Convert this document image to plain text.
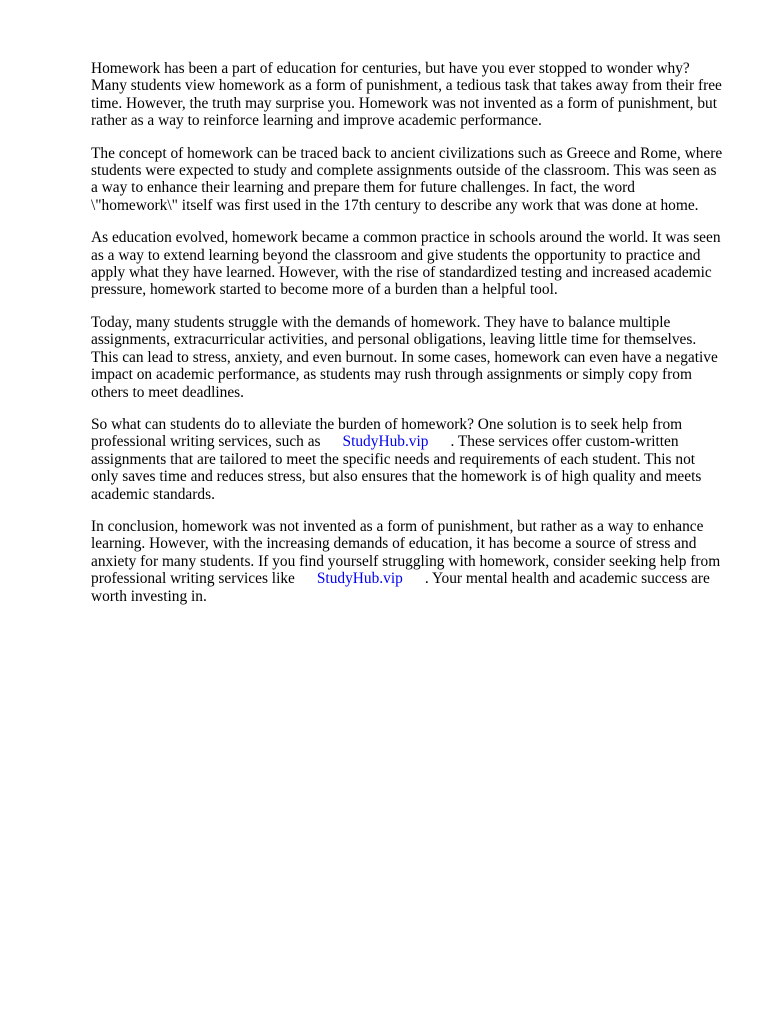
Homework has been a part of education for centuries, but have you ever stopped to wonder why? Many students view homework as a form of punishment, a tedious task that takes away from their free time. However, the truth may surprise you. Homework was not invented as a form of punishment, but rather as a way to reinforce learning and improve academic performance.

The concept of homework can be traced back to ancient civilizations such as Greece and Rome, where students were expected to study and complete assignments outside of the classroom. This was seen as a way to enhance their learning and prepare them for future challenges. In fact, the word \"homework\" itself was first used in the 17th century to describe any work that was done at home.

As education evolved, homework became a common practice in schools around the world. It was seen as a way to extend learning beyond the classroom and give students the opportunity to practice and apply what they have learned. However, with the rise of standardized testing and increased academic pressure, homework started to become more of a burden than a helpful tool.

Today, many students struggle with the demands of homework. They have to balance multiple assignments, extracurricular activities, and personal obligations, leaving little time for themselves. This can lead to stress, anxiety, and even burnout. In some cases, homework can even have a negative impact on academic performance, as students may rush through assignments or simply copy from others to meet deadlines.

So what can students do to alleviate the burden of homework? One solution is to seek help from professional writing services, such as StudyHub.vip . These services offer custom-written assignments that are tailored to meet the specific needs and requirements of each student. This not only saves time and reduces stress, but also ensures that the homework is of high quality and meets academic standards.

In conclusion, homework was not invented as a form of punishment, but rather as a way to enhance learning. However, with the increasing demands of education, it has become a source of stress and anxiety for many students. If you find yourself struggling with homework, consider seeking help from professional writing services like StudyHub.vip . Your mental health and academic success are worth investing in.
